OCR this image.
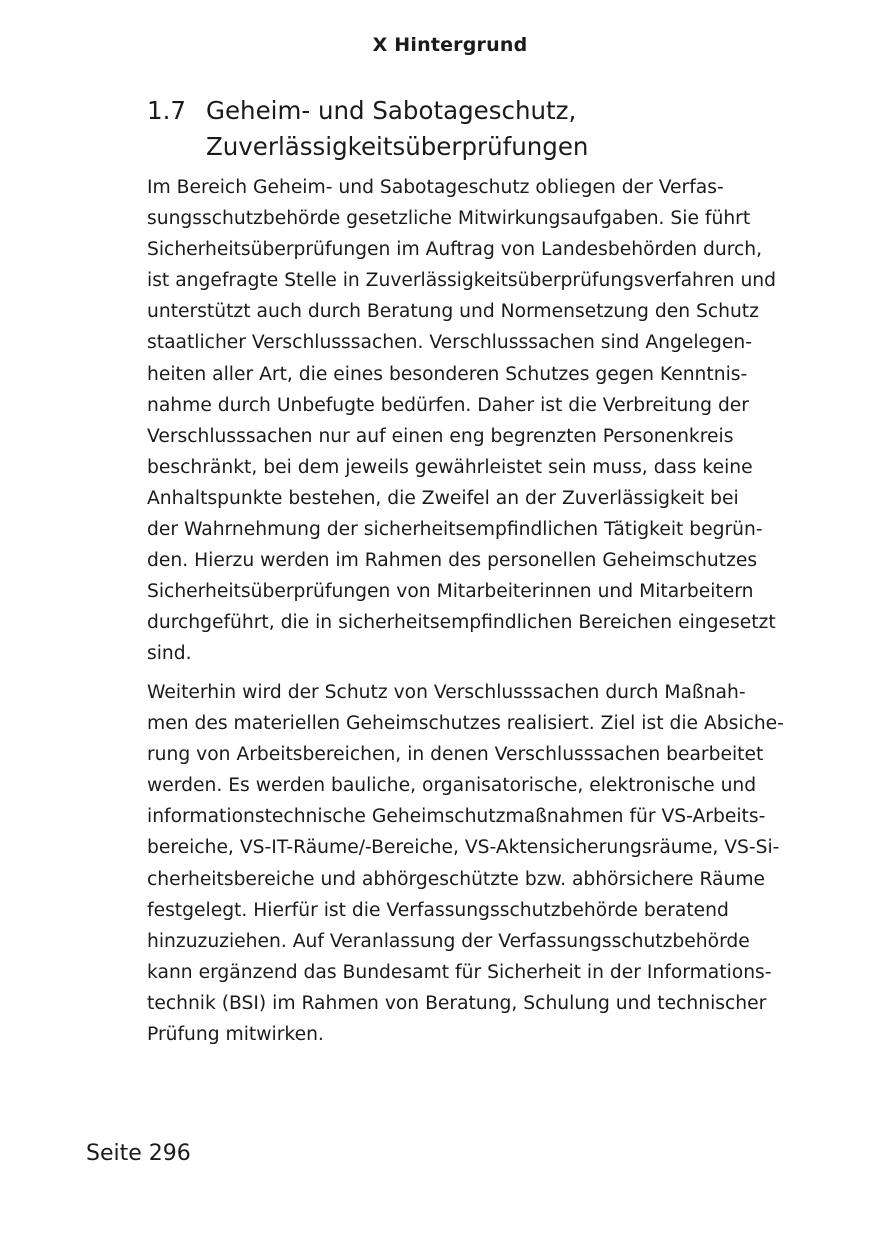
X Hintergrund
1.7 Geheim- und Sabotageschutz,
Zuverlässigkeitsüberprüfungen
Im Bereich Geheim- und Sabotageschutz obliegen der Verfas-
sungsschutzbehörde gesetzliche Mitwirkungsaufgaben. Sie führt
Sicherheitsüberprüfungen im Auftrag von Landesbehörden durch,
ist angefragte Stelle in Zuverlässigkeitsüberprüfungsverfahren und
unterstützt auch durch Beratung und Normensetzung den Schutz
staatlicher Verschlusssachen. Verschlusssachen sind Angelegen-
heiten aller Art, die eines besonderen Schutzes gegen Kenntnis-
nahme durch Unbefugte bedürfen. Daher ist die Verbreitung der
Verschlusssachen nur auf einen eng begrenzten Personenkreis
beschränkt, bei dem jeweils gewährleistet sein muss, dass keine
Anhaltspunkte bestehen, die Zweifel an der Zuverlässigkeit bei
der Wahrnehmung der sicherheitsempfindlichen Tätigkeit begrün-
den. Hierzu werden im Rahmen des personellen Geheimschutzes
Sicherheitsüberprüfungen von Mitarbeiterinnen und Mitarbeitern
durchgeführt, die in sicherheitsempfindlichen Bereichen eingesetzt
sind.
Weiterhin wird der Schutz von Verschlusssachen durch Maßnah-
men des materiellen Geheimschutzes realisiert. Ziel ist die Absiche-
rung von Arbeitsbereichen, in denen Verschlusssachen bearbeitet
werden. Es werden bauliche, organisatorische, elektronische und
informationstechnische Geheimschutzmaßnahmen für VS-Arbeits-
bereiche, VS-IT-Räume/-Bereiche, VS-Aktensicherungsräume, VS-Si-
cherheitsbereiche und abhörgeschützte bzw. abhörsichere Räume
festgelegt. Hierfür ist die Verfassungsschutzbehörde beratend
hinzuzuziehen. Auf Veranlassung der Verfassungsschutzbehörde
kann ergänzend das Bundesamt für Sicherheit in der Informations-
technik (BSI) im Rahmen von Beratung, Schulung und technischer
Prüfung mitwirken.
Seite 296
